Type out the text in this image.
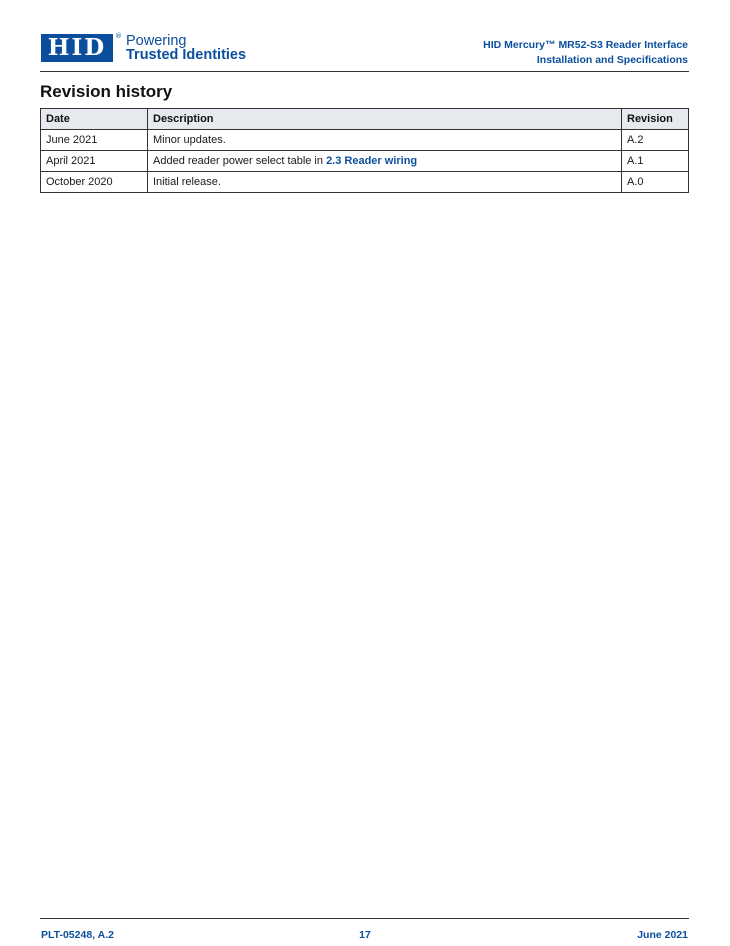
HID	® Powering
Trusted Identities
HID Mercury™ MR52-S3 Reader Interface
Installation and Specifications
Revision history
Date	Description	Revision
June 2021	Minor updates.	A.2
April 2021	Added reader power select table in 2.3 Reader wiring	A.1
October 2020	Initial release.	A.0
PLT-05248, A.2	17	June 2021
